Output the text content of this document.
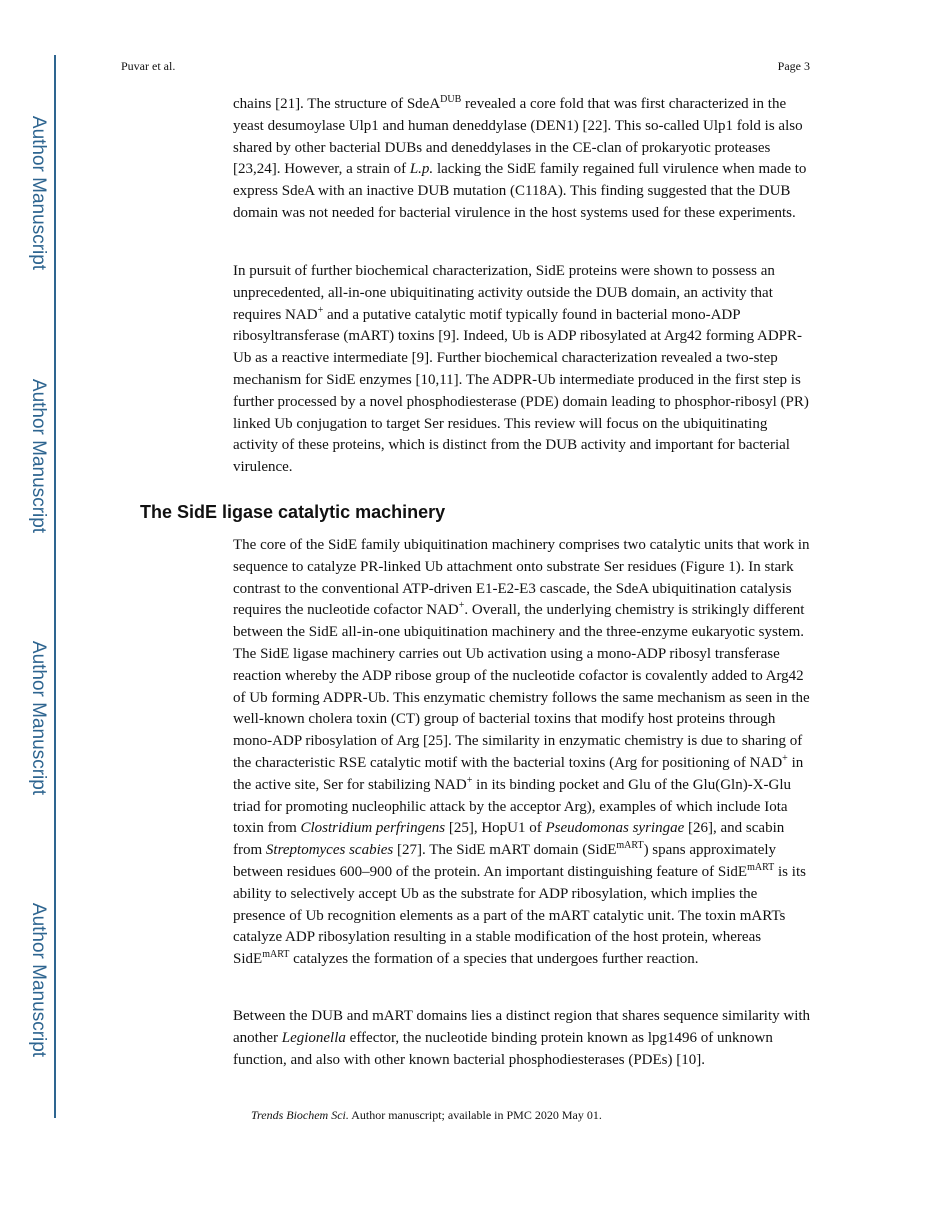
Author Manuscript
Author Manuscript
Author Manuscript
Author Manuscript
Puvar et al.	Page 3

chains [21]. The structure of SdeA$^{DUB}$ revealed a core fold that was first characterized in the yeast desumoylase Ulp1 and human deneddylase (DEN1) [22]. This so-called Ulp1 fold is also shared by other bacterial DUBs and deneddylases in the CE-clan of prokaryotic proteases [23,24]. However, a strain of L.p. lacking the SidE family regained full virulence when made to express SdeA with an inactive DUB mutation (C118A). This finding suggested that the DUB domain was not needed for bacterial virulence in the host systems used for these experiments.

In pursuit of further biochemical characterization, SidE proteins were shown to possess an unprecedented, all-in-one ubiquitinating activity outside the DUB domain, an activity that requires NAD+ and a putative catalytic motif typically found in bacterial mono-ADP ribosyltransferase (mART) toxins [9]. Indeed, Ub is ADP ribosylated at Arg42 forming ADPR-Ub as a reactive intermediate [9]. Further biochemical characterization revealed a two-step mechanism for SidE enzymes [10,11]. The ADPR-Ub intermediate produced in the first step is further processed by a novel phosphodiesterase (PDE) domain leading to phosphor-ribosyl (PR) linked Ub conjugation to target Ser residues. This review will focus on the ubiquitinating activity of these proteins, which is distinct from the DUB activity and important for bacterial virulence.

The SidE ligase catalytic machinery

The core of the SidE family ubiquitination machinery comprises two catalytic units that work in sequence to catalyze PR-linked Ub attachment onto substrate Ser residues (Figure 1). In stark contrast to the conventional ATP-driven E1-E2-E3 cascade, the SdeA ubiquitination catalysis requires the nucleotide cofactor NAD+. Overall, the underlying chemistry is strikingly different between the SidE all-in-one ubiquitination machinery and the three-enzyme eukaryotic system. The SidE ligase machinery carries out Ub activation using a mono-ADP ribosyl transferase reaction whereby the ADP ribose group of the nucleotide cofactor is covalently added to Arg42 of Ub forming ADPR-Ub. This enzymatic chemistry follows the same mechanism as seen in the well-known cholera toxin (CT) group of bacterial toxins that modify host proteins through mono-ADP ribosylation of Arg [25]. The similarity in enzymatic chemistry is due to sharing of the characteristic RSE catalytic motif with the bacterial toxins (Arg for positioning of NAD+ in the active site, Ser for stabilizing NAD+ in its binding pocket and Glu of the Glu(Gln)-X-Glu triad for promoting nucleophilic attack by the acceptor Arg), examples of which include Iota toxin from Clostridium perfringens [25], HopU1 of Pseudomonas syringae [26], and scabin from Streptomyces scabies [27]. The SidE mART domain (SidE$^{mART}$) spans approximately between residues 600–900 of the protein. An important distinguishing feature of SidE$^{mART}$ is its ability to selectively accept Ub as the substrate for ADP ribosylation, which implies the presence of Ub recognition elements as a part of the mART catalytic unit. The toxin mARTs catalyze ADP ribosylation resulting in a stable modification of the host protein, whereas SidE$^{mART}$ catalyzes the formation of a species that undergoes further reaction.

Between the DUB and mART domains lies a distinct region that shares sequence similarity with another Legionella effector, the nucleotide binding protein known as lpg1496 of unknown function, and also with other known bacterial phosphodiesterases (PDEs) [10].

Trends Biochem Sci. Author manuscript; available in PMC 2020 May 01.
